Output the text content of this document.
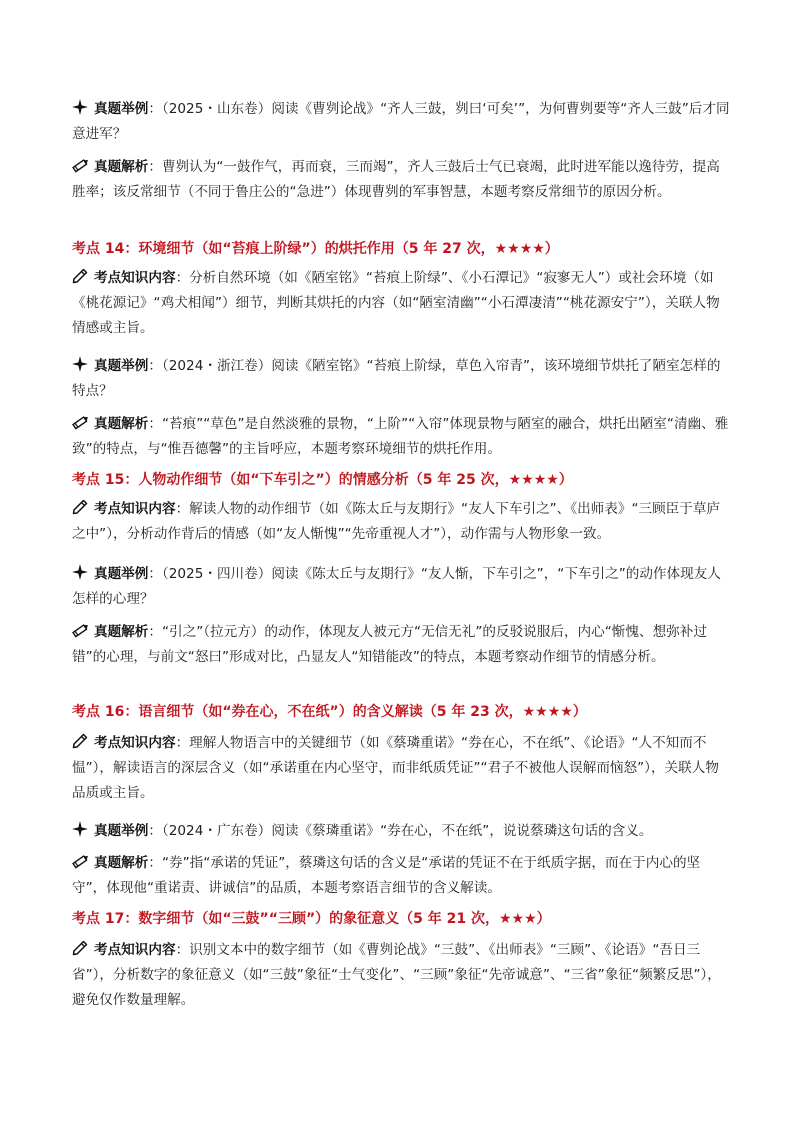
真题举例：（2025・山东卷）阅读《曹刿论战》“齐人三鼓，刿曰‘可矣’”，为何曹刿要等“齐人三鼓”后才同意进军？

真题解析：曹刿认为“一鼓作气，再而衰，三而竭”，齐人三鼓后士气已衰竭，此时进军能以逸待劳，提高胜率；该反常细节（不同于鲁庄公的“急进”）体现曹刿的军事智慧，本题考察反常细节的原因分析。

考点 14：环境细节（如“苔痕上阶绿”）的烘托作用（5 年 27 次，★★★★）

考点知识内容：分析自然环境（如《陋室铭》“苔痕上阶绿”、《小石潭记》“寂寥无人”）或社会环境（如《桃花源记》“鸡犬相闻”）细节，判断其烘托的内容（如“陋室清幽”“小石潭凄清”“桃花源安宁”），关联人物情感或主旨。

真题举例：（2024・浙江卷）阅读《陋室铭》“苔痕上阶绿，草色入帘青”，该环境细节烘托了陋室怎样的特点？

真题解析：“苔痕”“草色”是自然淡雅的景物，“上阶”“入帘”体现景物与陋室的融合，烘托出陋室“清幽、雅致”的特点，与“惟吾德馨”的主旨呼应，本题考察环境细节的烘托作用。

考点 15：人物动作细节（如“下车引之”）的情感分析（5 年 25 次，★★★★）

考点知识内容：解读人物的动作细节（如《陈太丘与友期行》“友人下车引之”、《出师表》“三顾臣于草庐之中”），分析动作背后的情感（如“友人惭愧”“先帝重视人才”），动作需与人物形象一致。

真题举例：（2025・四川卷）阅读《陈太丘与友期行》“友人惭，下车引之”，“下车引之”的动作体现友人怎样的心理？

真题解析：“引之”（拉元方）的动作，体现友人被元方“无信无礼”的反驳说服后，内心“惭愧、想弥补过错”的心理，与前文“怒曰”形成对比，凸显友人“知错能改”的特点，本题考察动作细节的情感分析。

考点 16：语言细节（如“券在心，不在纸”）的含义解读（5 年 23 次，★★★★）

考点知识内容：理解人物语言中的关键细节（如《蔡璘重诺》“券在心，不在纸”、《论语》“人不知而不愠”），解读语言的深层含义（如“承诺重在内心坚守，而非纸质凭证”“君子不被他人误解而恼怒”），关联人物品质或主旨。

真题举例：（2024・广东卷）阅读《蔡璘重诺》“券在心，不在纸”，说说蔡璘这句话的含义。

真题解析：“券”指“承诺的凭证”，蔡璘这句话的含义是“承诺的凭证不在于纸质字据，而在于内心的坚守”，体现他“重诺责、讲诚信”的品质，本题考察语言细节的含义解读。

考点 17：数字细节（如“三鼓”“三顾”）的象征意义（5 年 21 次，★★★）

考点知识内容：识别文本中的数字细节（如《曹刿论战》“三鼓”、《出师表》“三顾”、《论语》“吾日三省”），分析数字的象征意义（如“三鼓”象征“士气变化”、“三顾”象征“先帝诚意”、“三省”象征“频繁反思”），避免仅作数量理解。
